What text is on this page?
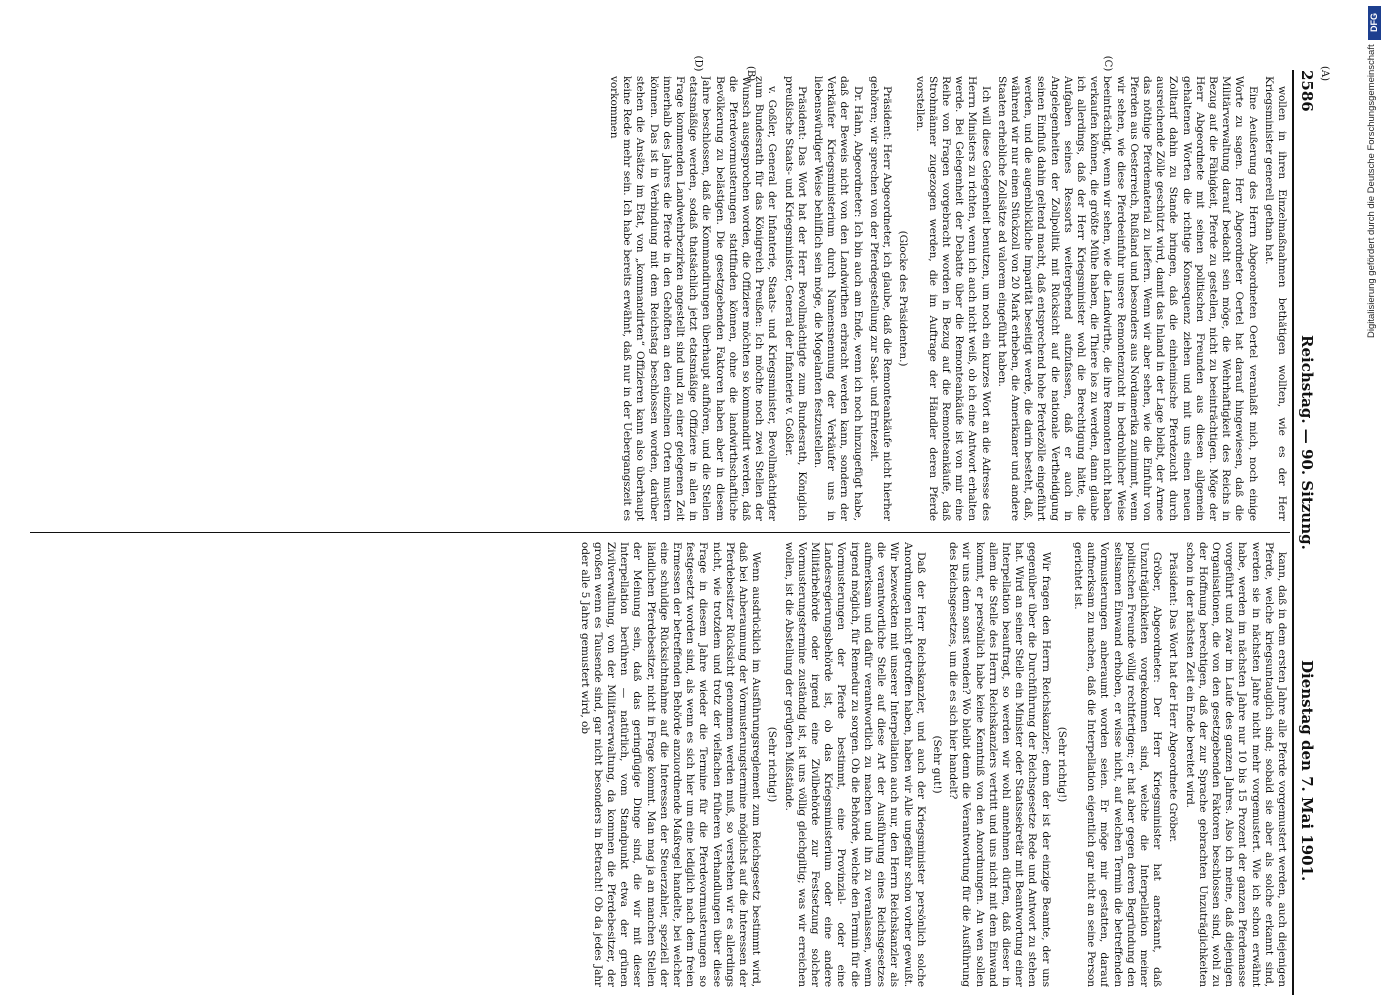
2586
Reichstag. — 90. Sitzung.
Dienstag den 7. Mai 1901.

wollen in ihren Einzelmaßnahmen bethätigen wollten, wie es der Herr Kriegsminister generell gethan hat.

Eine Aeußerung des Herrn Abgeordneten Oertel veranlaßt mich, noch einige Worte zu sagen. Herr Abgeordneter Oertel hat darauf hingewiesen, daß die Militärverwaltung darauf bedacht sein möge, die Wehrhaftigkeit des Reichs in Bezug auf die Fähigkeit, Pferde zu gestellen, nicht zu beeinträchtigen. Möge der Herr Abgeordnete mit seinen politischen Freunden aus diesen allgemein gehaltenen Worten die richtige Konsequenz ziehen und mit uns einen neuen Zolltarif dahin zu Stande bringen, daß die einheimische Pferdezucht durch ausreichende Zölle geschützt wird, damit das Inland in der Lage bleibt, der Armee das nöthige Pferdematerial zu liefern. Wenn wir aber sehen, wie die Einfuhr von Pferden aus Oesterreich, Rußland und besonders aus Nordamerika zunimmt, wenn wir sehen, wie diese Pferdeeinfuhr unsere Remontenzucht in bedrohlicher Weise beeinträchtigt, wenn wir sehen, wie die Landwirthe, die ihre Remonten nicht haben verkaufen können, die größte Mühe haben, die Thiere los zu werden, dann glaube ich allerdings, daß der Herr Kriegsminister wohl die Berechtigung hätte, die Aufgaben seines Ressorts weitergehend aufzufassen, daß er auch in Angelegenheiten der Zollpolitik mit Rücksicht auf die nationale Vertheidigung seinen Einfluß dahin geltend macht, daß entsprechend hohe Pferdezölle eingeführt werden, und die augenblickliche Imparität beseitigt werde, die darin besteht, daß, während wir nur einen Stückzoll von 20 Mark erheben, die Amerikaner und andere Staaten erhebliche Zollsätze ad valorem eingeführt haben.

Ich will diese Gelegenheit benutzen, um noch ein kurzes Wort an die Adresse des Herrn Ministers zu richten, wenn ich auch nicht weiß, ob ich eine Antwort erhalten werde. Bei Gelegenheit der Debatte über die Remonteankäufe ist von mir eine Reihe von Fragen vorgebracht worden in Bezug auf die Remonteankäufe, daß Strohmänner zugezogen werden, die im Auftrage der Händler deren Pferde vorstellen.

(Glocke des Präsidenten.)

Präsident: Herr Abgeordneter, ich glaube, daß die Remonteankäufe nicht hierher gehören; wir sprechen von der Pferdegestellung zur Saat- und Erntezeit.

Dr. Hahn, Abgeordneter: Ich bin auch am Ende, wenn ich noch hinzugefügt habe, daß der Beweis nicht von den Landwirthen erbracht werden kann, sondern der Verkäufer Kriegsministerium durch Namensnennung der Verkäufer uns in liebenswürdiger Weise behilflich sein möge, die Mogelanten festzustellen.

Präsident: Das Wort hat der Herr Bevollmächtigte zum Bundesrath, Königlich preußische Staats- und Kriegsminister, General der Infanterie v. Goßler.

v. Goßler, General der Infanterie, Staats- und Kriegsminister, Bevollmächtigter zum Bundesrath für das Königreich Preußen: Ich möchte noch zwei Stellen der Wunsch ausgesprochen worden, die Offiziere möchten so kommandirt werden, daß die Pferdevormusterungen stattfinden können, ohne die landwirthschaftliche Bevölkerung zu belästigen. Die gesetzgebenden Faktoren haben aber in diesem Jahre beschlossen, daß die Kommandirungen überhaupt aufhören, und die Stellen etatsmäßige werden, sodaß thatsächlich jetzt etatsmäßige Offiziere in allen in Frage kommenden Landwehrbezirken angestellt sind und zu einer gelegenen Zeit innerhalb des Jahres die Pferde in den Gehöften an den einzelnen Orten mustern können. Das ist in Verbindung mit dem Reichstag beschlossen worden, darüber stehen die Ansätze im Etat, von „kommandirten“ Offizieren kann also überhaupt keine Rede mehr sein. Ich habe bereits erwähnt, daß nur in der Uebergangszeit es vorkommen

kann, daß in dem ersten Jahre alle Pferde vorgemustert werden, auch diejenigen Pferde, welche kriegsuntauglich sind; sobald sie aber als solche erkannt sind, werden sie in nächsten Jahre nicht mehr vorgemustert. Wie ich schon erwähnt habe, werden im nächsten Jahre nur 10 bis 15 Prozent der ganzen Pferdemasse vorgeführt und zwar im Laufe des ganzen Jahres. Also ich meine, daß diejenigen Organisationen, die von den gesetzgebenden Faktoren beschlossen sind, wohl zu der Hoffnung berechtigen, daß der zur Sprache gebrachten Unzuträglichkeiten schon in der nächsten Zeit ein Ende bereitet wird.

Präsident: Das Wort hat der Herr Abgeordnete Gröber.

Gröber, Abgeordneter: Der Herr Kriegsminister hat anerkannt, daß Unzuträglichkeiten vorgekommen sind, welche die Interpellation meiner politischen Freunde völlig rechtfertigen; er hat aber gegen deren Begründung den seltsamen Einwand erhoben, er wisse nicht, auf welchen Termin die betreffenden Vormusterungen anberaumt worden seien. Er möge mir gestatten, darauf aufmerksam zu machen, daß die Interpellation eigentlich gar nicht an seine Person gerichtet ist.

(Sehr richtig!)

Wir fragen den Herrn Reichskanzler; denn der ist der einzige Beamte, der uns gegenüber über die Durchführung der Reichsgesetze Rede und Antwort zu stehen hat. Wird an seiner Stelle ein Minister oder Staatssekretär mit Beantwortung einer Interpellation beauftragt, so werden wir wohl annehmen dürfen, daß dieser in allem die Stelle des Herrn Reichskanzlers vertritt und uns nicht mit dem Einwand kommt, er persönlich habe keine Kenntniß von den Anordnungen. An wen sollen wir uns denn sonst wenden? Wo bleibt denn die Verantwortung für die Ausführung des Reichsgesetzes, um die es sich hier handelt?

(Sehr gut!)

Daß der Herr Reichskanzler, und auch der Kriegsminister persönlich solche Anordnungen nicht getroffen haben, haben wir Alle ungefähr schon vorher gewußt. Wir bezweckten mit unserer Interpellation auch nur, den Herrn Reichskanzler als die verantwortliche Stelle auf diese Art der Ausführung eines Reichsgesetzes aufmerksam und dafür verantwortlich zu machen und ihn zu veranlassen, wenn irgend möglich, für Remedur zu sorgen. Ob die Behörde, welche den Termin für die Vormusterungen der Pferde bestimmt, eine Provinzial- oder eine Landesregierungsbehörde ist, ob das Kriegsministerium oder eine andere Militärbehörde oder irgend eine Zivilbehörde zur Festsetzung solcher Vormusterungstermine zuständig ist, ist uns völlig gleichgiltig; was wir erreichen wollen, ist die Abstellung der gerügten Mißstände.

(Sehr richtig!)

Wenn ausdrücklich im Ausführungsreglement zum Reichsgesetz bestimmt wird, daß bei Anberaumung der Vormusterungstermine möglichst auf die Interessen der Pferdebesitzer Rücksicht genommen werden muß, so verstehen wir es allerdings nicht, wie trotzdem und trotz der vielfachen früheren Verhandlungen über diese Frage in diesem Jahre wieder die Termine für die Pferdevormusterungen so festgesetzt worden sind, als wenn es sich hier um eine lediglich nach dem freien Ermessen der betreffenden Behörde anzuordnende Maßregel handelte, bei welcher eine schuldige Rücksichtnahme auf die Interessen der Steuerzahler, speziell der ländlichen Pferdebesitzer, nicht in Frage kommt. Man mag ja an manchen Stellen der Meinung sein, daß das geringfügige Dinge sind, die wir mit dieser Interpellation berühren — natürlich, vom Standpunkt etwa der grünen Zivilverwaltung, von der Militärverwaltung, da kommen die Pferdebesitzer, der großen wenn es Tausende sind, gar nicht besonders in Betracht! Ob da jedes Jahr oder alle 5 Jahre gemustert wird, ob

(A)
(B)
(C)
(D)
DFG
Digitalisierung gefördert durch die Deutsche Forschungsgemeinschaft
